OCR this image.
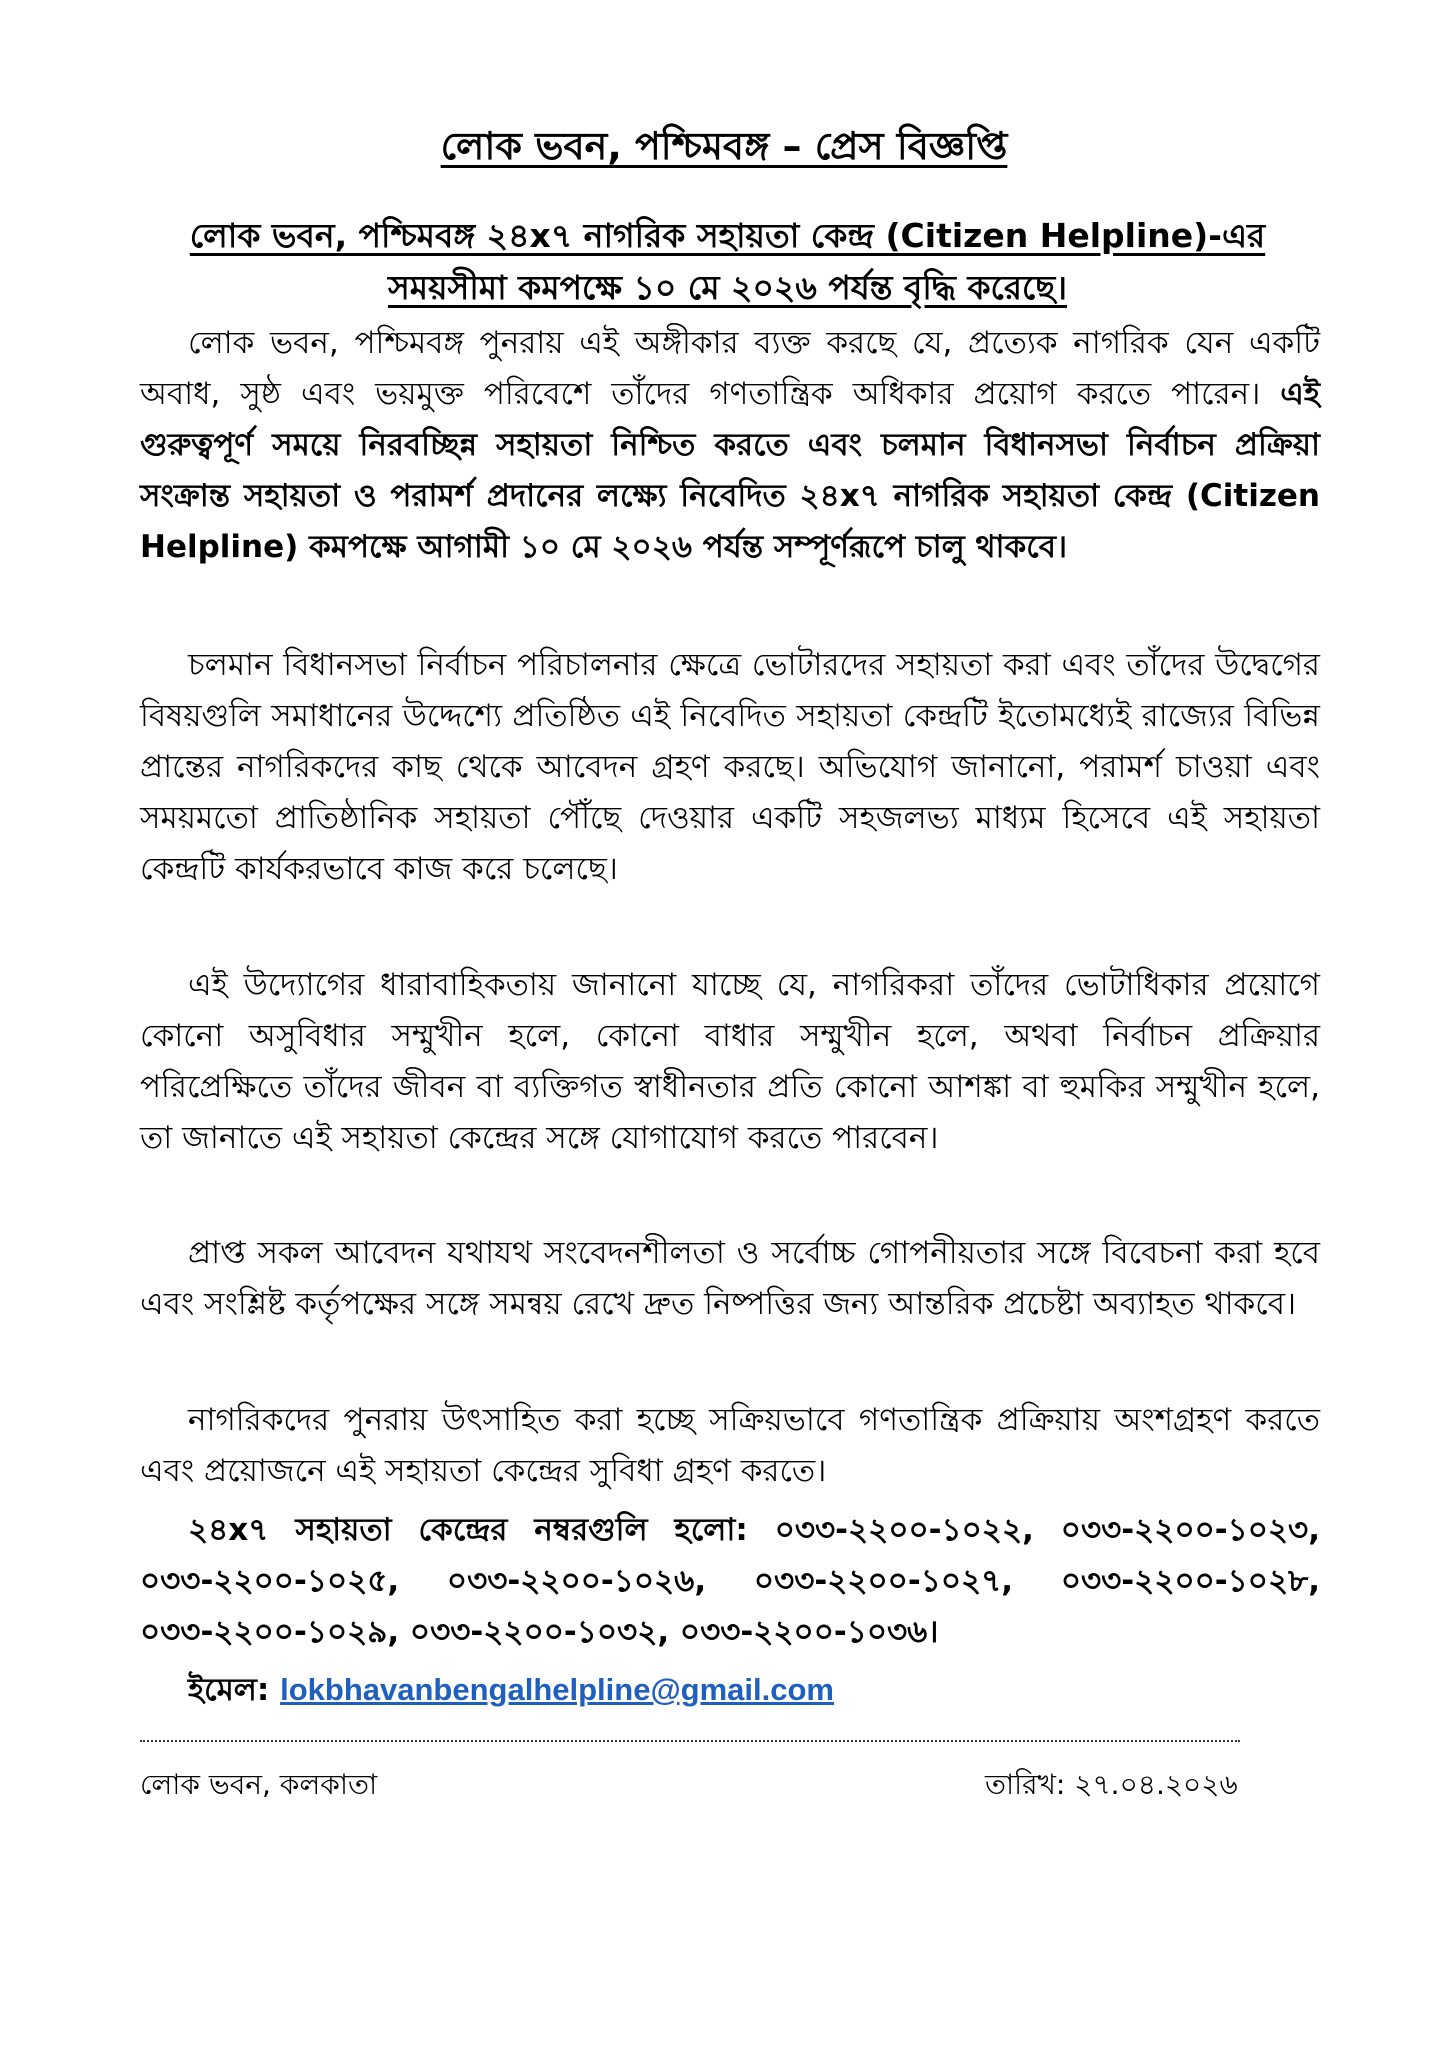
লোক ভবন, পশ্চিমবঙ্গ – প্রেস বিজ্ঞপ্তি
লোক ভবন, পশ্চিমবঙ্গ ২৪x৭ নাগরিক সহায়তা কেন্দ্র (Citizen Helpline)-এর সময়সীমা কমপক্ষে ১০ মে ২০২৬ পর্যন্ত বৃদ্ধি করেছে।
লোক ভবন, পশ্চিমবঙ্গ পুনরায় এই অঙ্গীকার ব্যক্ত করছে যে, প্রত্যেক নাগরিক যেন একটি অবাধ, সুষ্ঠ এবং ভয়মুক্ত পরিবেশে তাঁদের গণতান্ত্রিক অধিকার প্রয়োগ করতে পারেন। এই গুরুত্বপূর্ণ সময়ে নিরবচ্ছিন্ন সহায়তা নিশ্চিত করতে এবং চলমান বিধানসভা নির্বাচন প্রক্রিয়া সংক্রান্ত সহায়তা ও পরামর্শ প্রদানের লক্ষ্যে নিবেদিত ২৪x৭ নাগরিক সহায়তা কেন্দ্র (Citizen Helpline) কমপক্ষে আগামী ১০ মে ২০২৬ পর্যন্ত সম্পূর্ণরূপে চালু থাকবে।
চলমান বিধানসভা নির্বাচন পরিচালনার ক্ষেত্রে ভোটারদের সহায়তা করা এবং তাঁদের উদ্বেগের বিষয়গুলি সমাধানের উদ্দেশ্যে প্রতিষ্ঠিত এই নিবেদিত সহায়তা কেন্দ্রটি ইতোমধ্যেই রাজ্যের বিভিন্ন প্রান্তের নাগরিকদের কাছ থেকে আবেদন গ্রহণ করছে। অভিযোগ জানানো, পরামর্শ চাওয়া এবং সময়মতো প্রাতিষ্ঠানিক সহায়তা পৌঁছে দেওয়ার একটি সহজলভ্য মাধ্যম হিসেবে এই সহায়তা কেন্দ্রটি কার্যকরভাবে কাজ করে চলেছে।
এই উদ্যোগের ধারাবাহিকতায় জানানো যাচ্ছে যে, নাগরিকরা তাঁদের ভোটাধিকার প্রয়োগে কোনো অসুবিধার সম্মুখীন হলে, কোনো বাধার সম্মুখীন হলে, অথবা নির্বাচন প্রক্রিয়ার পরিপ্রেক্ষিতে তাঁদের জীবন বা ব্যক্তিগত স্বাধীনতার প্রতি কোনো আশঙ্কা বা হুমকির সম্মুখীন হলে, তা জানাতে এই সহায়তা কেন্দ্রের সঙ্গে যোগাযোগ করতে পারবেন।
প্রাপ্ত সকল আবেদন যথাযথ সংবেদনশীলতা ও সর্বোচ্চ গোপনীয়তার সঙ্গে বিবেচনা করা হবে এবং সংশ্লিষ্ট কর্তৃপক্ষের সঙ্গে সমন্বয় রেখে দ্রুত নিষ্পত্তির জন্য আন্তরিক প্রচেষ্টা অব্যাহত থাকবে।
নাগরিকদের পুনরায় উৎসাহিত করা হচ্ছে সক্রিয়ভাবে গণতান্ত্রিক প্রক্রিয়ায় অংশগ্রহণ করতে এবং প্রয়োজনে এই সহায়তা কেন্দ্রের সুবিধা গ্রহণ করতে।
২৪x৭ সহায়তা কেন্দ্রের নম্বরগুলি হলো: ০৩৩-২২০০-১০২২, ০৩৩-২২০০-১০২৩, ০৩৩-২২০০-১০২৫, ০৩৩-২২০০-১০২৬, ০৩৩-২২০০-১০২৭, ০৩৩-২২০০-১০২৮, ০৩৩-২২০০-১০২৯, ০৩৩-২২০০-১০৩২, ০৩৩-২২০০-১০৩৬।
ইমেল: lokbhavanbengalhelpline@gmail.com
লোক ভবন, কলকাতা	তারিখ: ২৭.০৪.২০২৬
